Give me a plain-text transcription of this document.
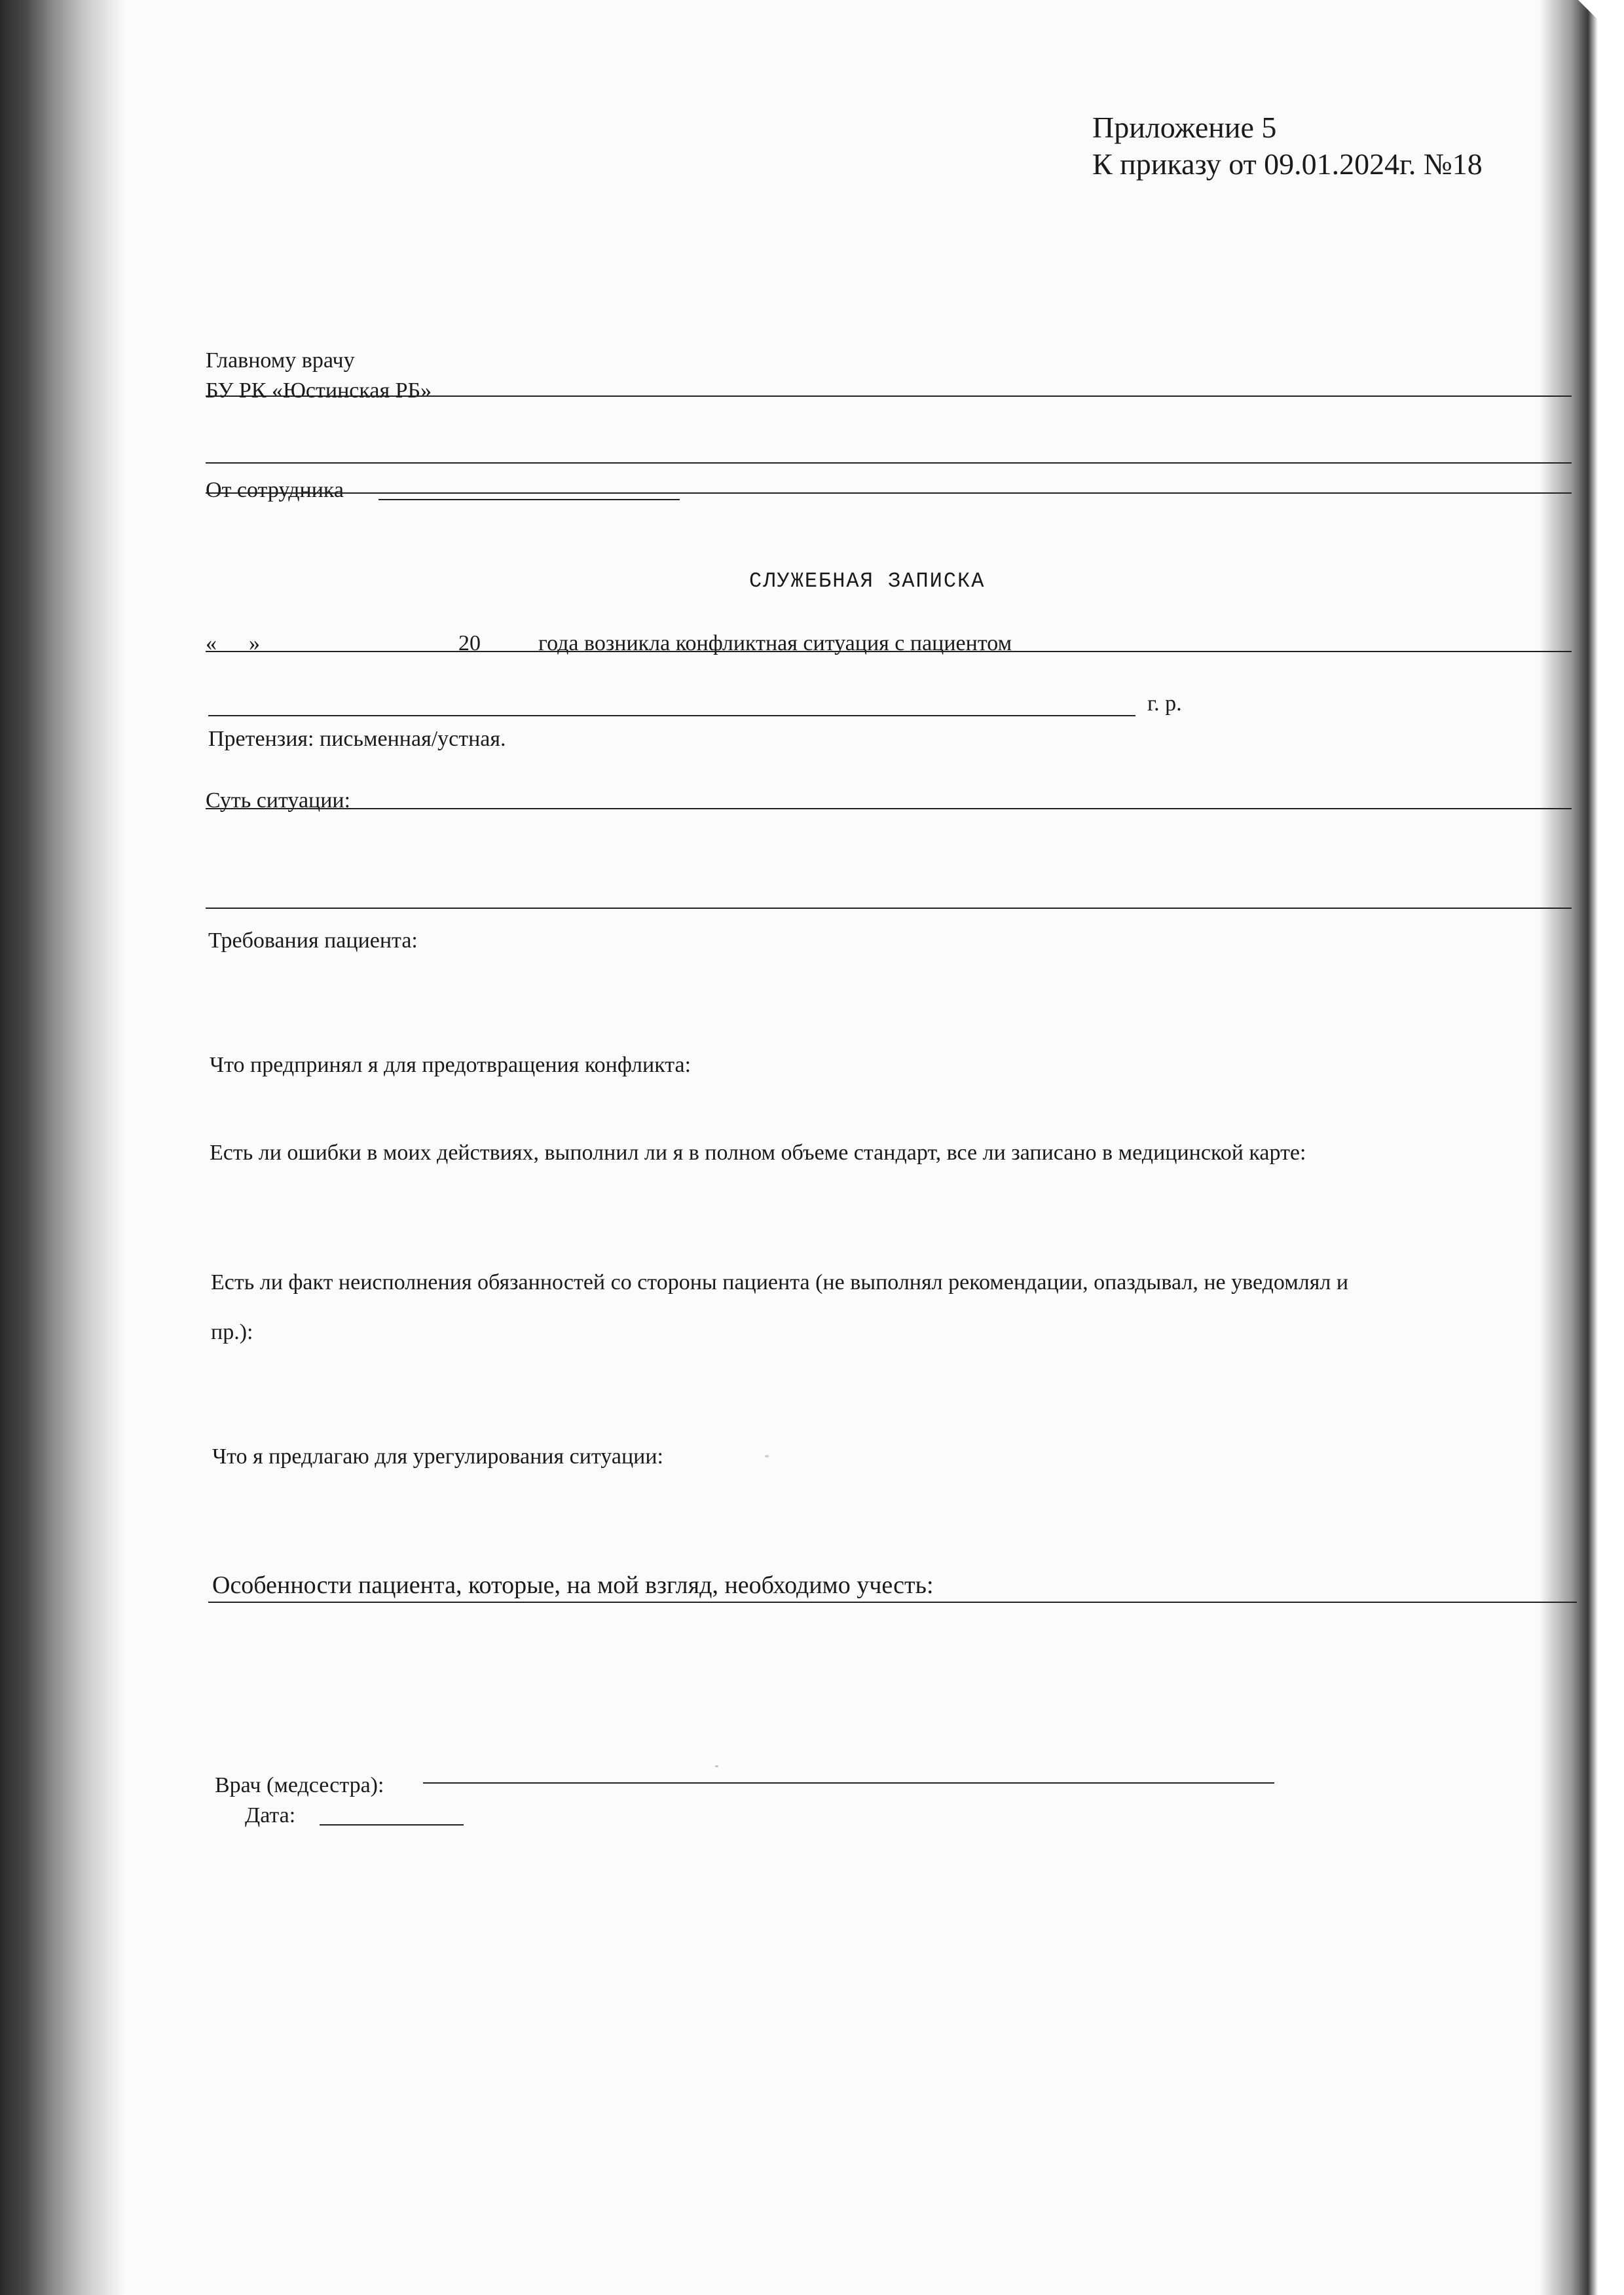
Приложение 5
К приказу от 09.01.2024г. №18
Главному врачу
БУ РК «Юстинская РБ»
От сотрудника
СЛУЖЕБНАЯ ЗАПИСКА
« »	20	года возникла конфликтная ситуация с пациентом
г. р.
Претензия: письменная/устная.
Суть ситуации:
Требования пациента:
Что предпринял я для предотвращения конфликта:
Есть ли ошибки в моих действиях, выполнил ли я в полном объеме стандарт, все ли записано в медицинской карте:
Есть ли факт неисполнения обязанностей со стороны пациента (не выполнял рекомендации, опаздывал, не уведомлял и
пр.):
Что я предлагаю для урегулирования ситуации:
Особенности пациента, которые, на мой взгляд, необходимо учесть:
Врач (медсестра):
Дата:
